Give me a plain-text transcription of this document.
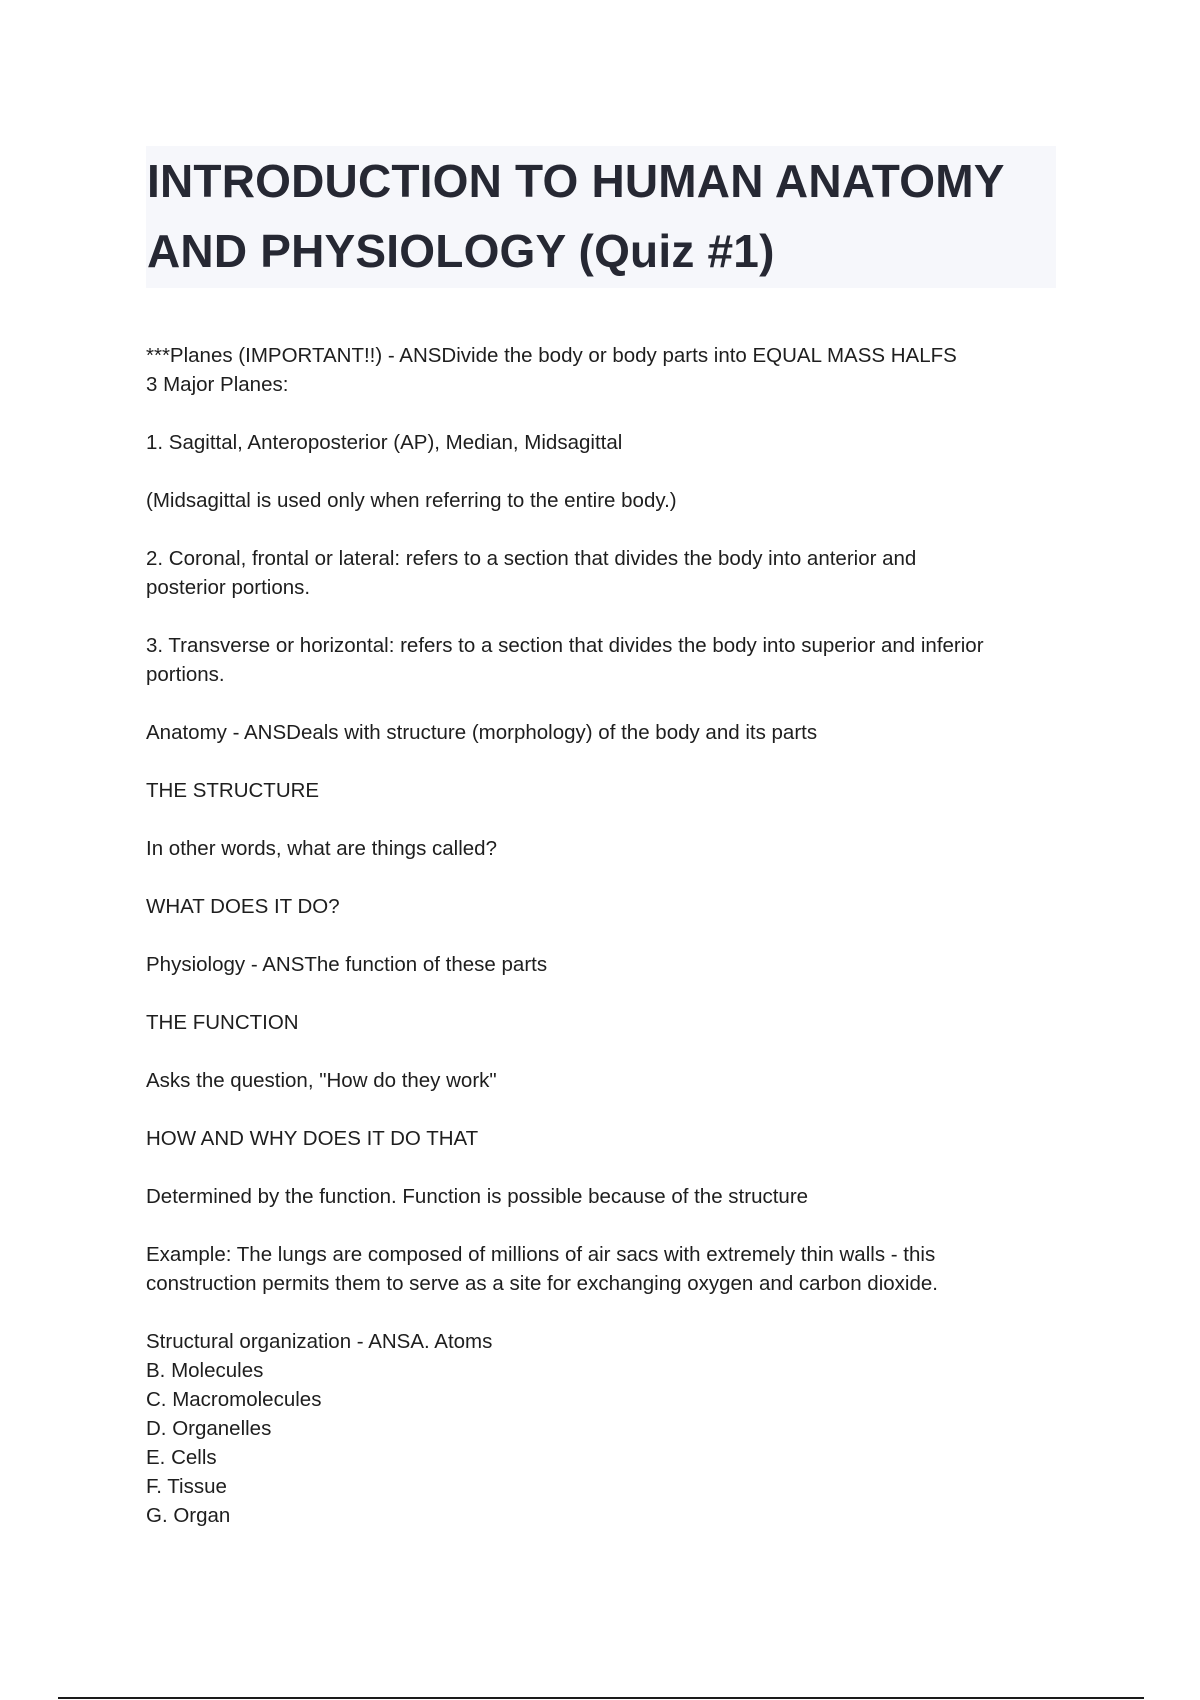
INTRODUCTION TO HUMAN ANATOMY
AND PHYSIOLOGY (Quiz #1)
***Planes (IMPORTANT!!) - ANSDivide the body or body parts into EQUAL MASS HALFS
3 Major Planes:
1. Sagittal, Anteroposterior (AP), Median, Midsagittal
(Midsagittal is used only when referring to the entire body.)
2. Coronal, frontal or lateral: refers to a section that divides the body into anterior and
posterior portions.
3. Transverse or horizontal: refers to a section that divides the body into superior and inferior
portions.
Anatomy - ANSDeals with structure (morphology) of the body and its parts
THE STRUCTURE
In other words, what are things called?
WHAT DOES IT DO?
Physiology - ANSThe function of these parts
THE FUNCTION
Asks the question, "How do they work"
HOW AND WHY DOES IT DO THAT
Determined by the function. Function is possible because of the structure
Example: The lungs are composed of millions of air sacs with extremely thin walls - this
construction permits them to serve as a site for exchanging oxygen and carbon dioxide.
Structural organization - ANSA. Atoms
B. Molecules
C. Macromolecules
D. Organelles
E. Cells
F. Tissue
G. Organ
